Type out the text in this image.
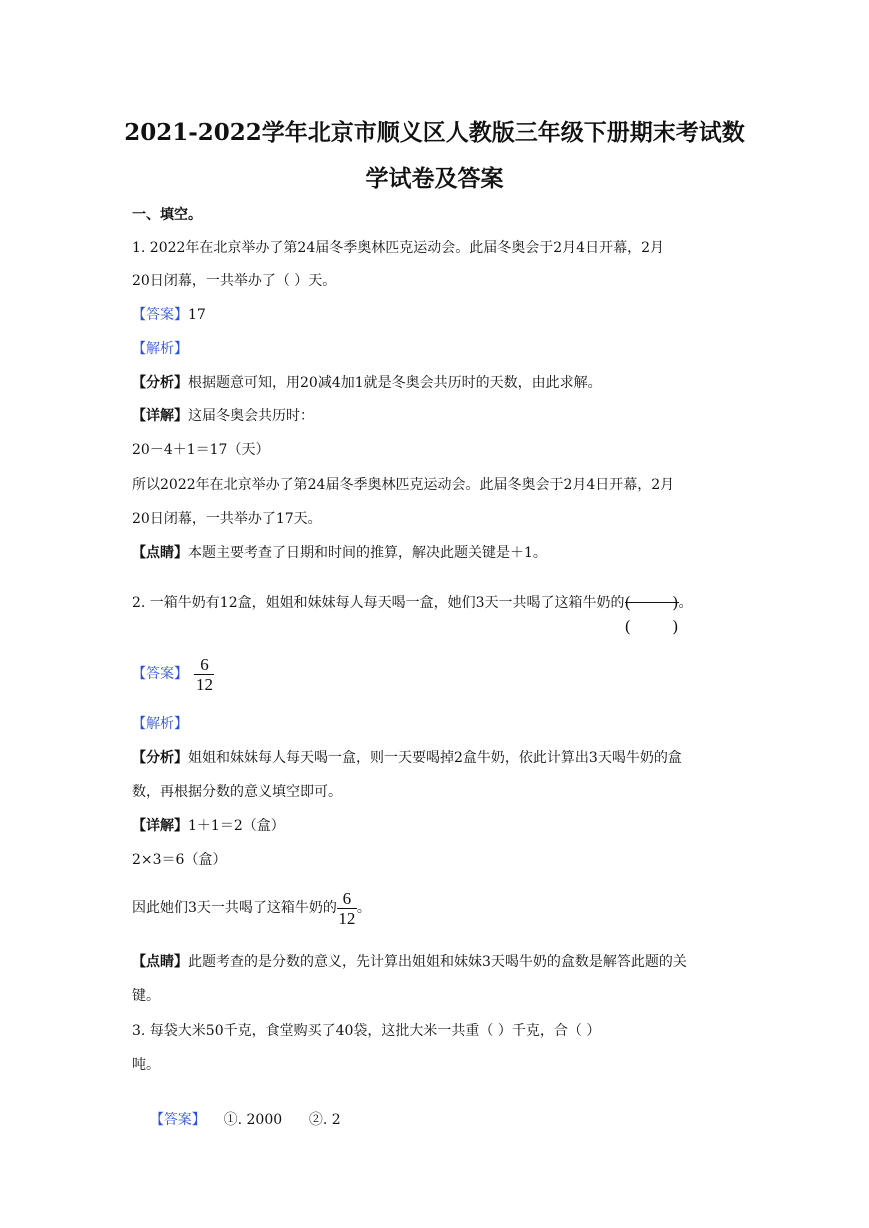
2021-2022学年北京市顺义区人教版三年级下册期末考试数
学试卷及答案
一、填空。
1. 2022年在北京举办了第24届冬季奥林匹克运动会。此届冬奥会于2月4日开幕，2月
20日闭幕，一共举办了（ ）天。
【答案】17
【解析】
【分析】根据题意可知，用20减4加1就是冬奥会共历时的天数，由此求解。
【详解】这届冬奥会共历时：
20－4＋1＝17（天）
所以2022年在北京举办了第24届冬季奥林匹克运动会。此届冬奥会于2月4日开幕，2月
20日闭幕，一共举办了17天。
【点睛】本题主要考查了日期和时间的推算，解决此题关键是＋1。
2. 一箱牛奶有12盒，姐姐和妹妹每人每天喝一盒，她们3天一共喝了这箱牛奶的 (	)
(	)
。
【答案】 $\frac{6}{12}$
【解析】
【分析】姐姐和妹妹每人每天喝一盒，则一天要喝掉2盒牛奶，依此计算出3天喝牛奶的盒
数，再根据分数的意义填空即可。
【详解】1＋1＝2（盒）
2×3＝6（盒）
因此她们3天一共喝了这箱牛奶的 $\frac{6}{12}$ 。
【点睛】此题考查的是分数的意义，先计算出姐姐和妹妹3天喝牛奶的盒数是解答此题的关
键。
3. 每袋大米50千克，食堂购买了40袋，这批大米一共重（ ）千克，合（ ）
吨。

【答案】    ①. 2000      ②. 2
